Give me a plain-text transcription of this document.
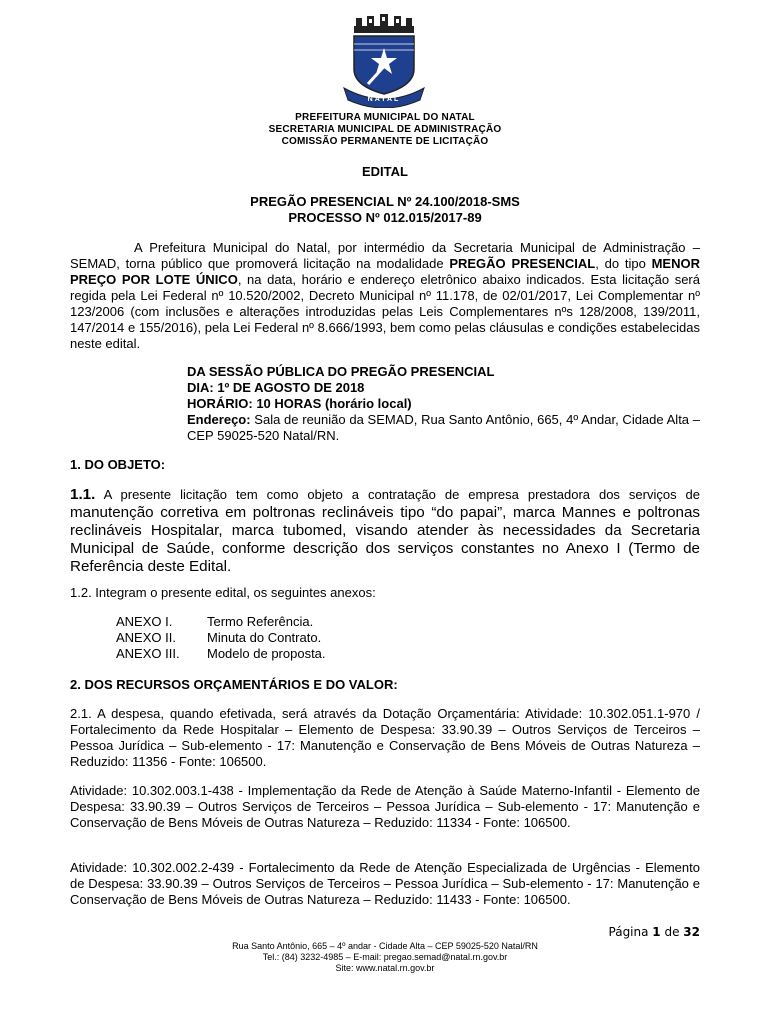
NATAL
PREFEITURA MUNICIPAL DO NATAL
SECRETARIA MUNICIPAL DE ADMINISTRAÇÃO
COMISSÃO PERMANENTE DE LICITAÇÃO
EDITAL
PREGÃO PRESENCIAL Nº 24.100/2018-SMS
PROCESSO Nº 012.015/2017-89
A Prefeitura Municipal do Natal, por intermédio da Secretaria Municipal de Administração – SEMAD, torna público que promoverá licitação na modalidade PREGÃO PRESENCIAL, do tipo MENOR PREÇO POR LOTE ÚNICO, na data, horário e endereço eletrônico abaixo indicados. Esta licitação será regida pela Lei Federal nº 10.520/2002, Decreto Municipal nº 11.178, de 02/01/2017, Lei Complementar nº 123/2006 (com inclusões e alterações introduzidas pelas Leis Complementares nºs 128/2008, 139/2011, 147/2014 e 155/2016), pela Lei Federal nº 8.666/1993, bem como pelas cláusulas e condições estabelecidas neste edital.
DA SESSÃO PÚBLICA DO PREGÃO PRESENCIAL
DIA: 1º DE AGOSTO DE 2018
HORÁRIO: 10 HORAS (horário local)
Endereço: Sala de reunião da SEMAD, Rua Santo Antônio, 665, 4º Andar, Cidade Alta – CEP 59025-520 Natal/RN.
1. DO OBJETO:
1.1. A presente licitação tem como objeto a contratação de empresa prestadora dos serviços de manutenção corretiva em poltronas reclináveis tipo “do papai”, marca Mannes e poltronas reclináveis Hospitalar, marca tubomed, visando atender às necessidades da Secretaria Municipal de Saúde, conforme descrição dos serviços constantes no Anexo I (Termo de Referência deste Edital.
1.2. Integram o presente edital, os seguintes anexos:
ANEXO I.	Termo Referência.
ANEXO II.	Minuta do Contrato.
ANEXO III.	Modelo de proposta.
2. DOS RECURSOS ORÇAMENTÁRIOS E DO VALOR:
2.1. A despesa, quando efetivada, será através da Dotação Orçamentária: Atividade: 10.302.051.1-970 / Fortalecimento da Rede Hospitalar – Elemento de Despesa: 33.90.39 – Outros Serviços de Terceiros – Pessoa Jurídica – Sub-elemento - 17: Manutenção e Conservação de Bens Móveis de Outras Natureza – Reduzido: 11356 - Fonte: 106500.
Atividade: 10.302.003.1-438 - Implementação da Rede de Atenção à Saúde Materno-Infantil - Elemento de Despesa: 33.90.39 – Outros Serviços de Terceiros – Pessoa Jurídica – Sub-elemento - 17: Manutenção e Conservação de Bens Móveis de Outras Natureza – Reduzido: 11334 - Fonte: 106500.
Atividade: 10.302.002.2-439 - Fortalecimento da Rede de Atenção Especializada de Urgências - Elemento de Despesa: 33.90.39 – Outros Serviços de Terceiros – Pessoa Jurídica – Sub-elemento - 17: Manutenção e Conservação de Bens Móveis de Outras Natureza – Reduzido: 11433 - Fonte: 106500.
Página 1 de 32
Rua Santo Antônio, 665 – 4º andar - Cidade Alta – CEP 59025-520 Natal/RN
Tel.: (84) 3232-4985 – E-mail: pregao.semad@natal.rn.gov.br
Site: www.natal.rn.gov.br
